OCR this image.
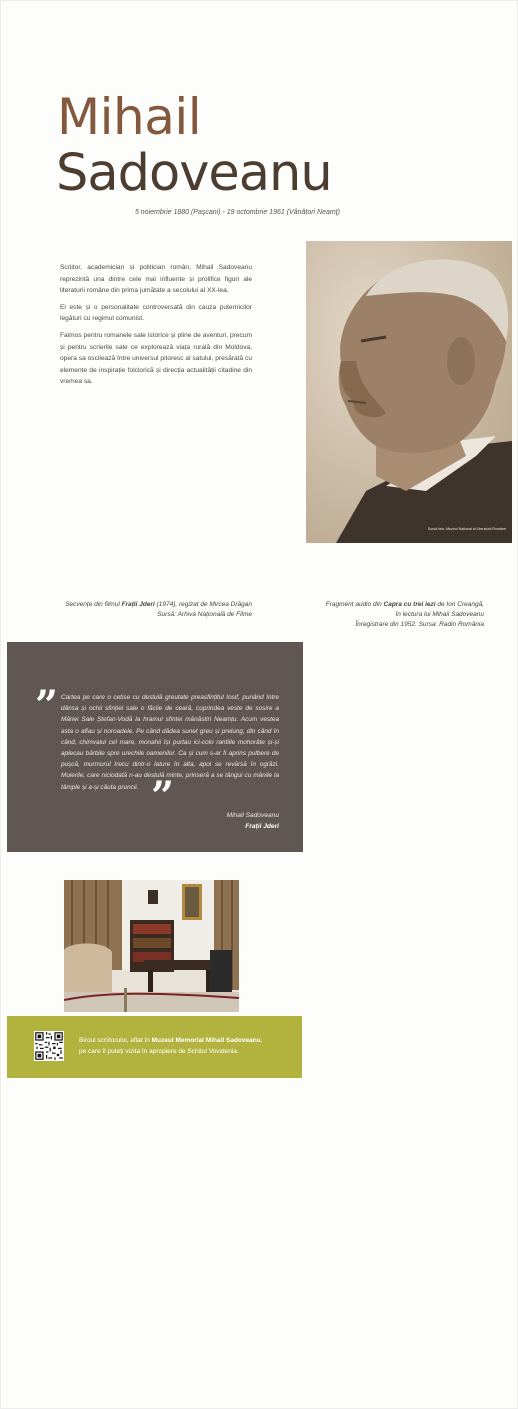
Mihail
Sadoveanu
5 noiembrie 1880 (Pașcani) - 19 octombrie 1961 (Vânători Neamț)

Scriitor, academician și politician român, Mihail Sadoveanu reprezintă una dintre cele mai influente și prolifice figuri ale literaturii române din prima jumătate a secolului al XX-lea.

El este și o personalitate controversată din cauza puternicilor legături cu regimul comunist.

Faimos pentru romanele sale istorice și pline de aventuri, precum și pentru scrierile sale ce explorează viața rurală din Moldova, opera sa oscilează între universul pitoresc al satului, presărată cu elemente de inspirație folclorică și direcția actualității citadine din vremea sa.

Sursă foto: Muzeul Național al Literaturii Române
Secvențe din filmul Frații Jderi (1974), regizat de Mircea Drăgan
Sursă: Arhiva Națională de Filme
Fragment audio din Capra cu trei iezi de Ion Creangă,
în lectura lui Mihail Sadoveanu
Înregistrare din 1952. Sursa: Radio România
” Cartea pe care o cetise cu destulă greutate preasfințitul Iosif, punând între dânsa și ochii sfinției sale o făclie de ceară, cuprindea veste de sosire a Măriei Sale Ștefan-Vodă la hramul sfintei mănăstiri Neamțu. Acum vestea asta o aflau și noroadele. Pe când dădea sunet greu și prelung, din când în când, chimvalul cel mare, monahii își purtau ici-colo rantiile mohorâte și-și aplecau bărbile spre urechile oamenilor. Ca și cum s-ar fi aprins pulbere de pușcă, murmurul trecu dintr-o lature în alta, apoi se revărsă în ogrăzi. Muierile, care niciodată n-au destulă minte, prinseră a se tângui cu mânile la tâmple și a-și căuta pruncii. ”	Mihail Sadoveanu
Frații Jderi
Biroul scriitorului, aflat în Muzeul Memorial Mihail Sadoveanu,
pe care îl puteți vizita în apropiere de Schitul Vovidenia.
